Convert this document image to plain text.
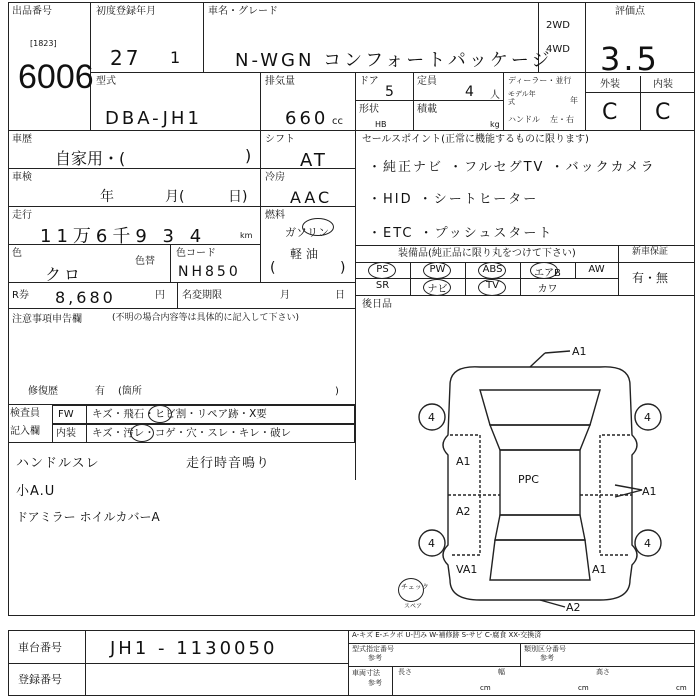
出品番号
[1823]
6006
初度登録年月
27 1
車名・グレード
N-WGN コンフォートパッケージ
2WD
4WD
評価点
3.5
外装	内装
C C
型式
DBA-JH1
排気量
660 cc
ドア
5
定員
4 人
形状
HB
積載
kg
ディーラー・並行
モデル年式	年
ハンドル 左・右
車歴
自家用・(	)
シフト
AT
車検
年	月(	日)
冷房
AAC
走行
11万6千9 3 4	km
燃料
ガソリン
軽 油
(	)
色
クロ
色替
色コード
NH850
R券 8,680	円 名変期限	月	日
注意事項申告欄	(不明の場合内容等は具体的に記入して下さい)
修復歴	有 (箇所	)
検査員
記入欄
FW キズ・飛石・ヒビ割・リペア跡・X要
内装 キズ・汚レ・コゲ・穴・スレ・キレ・破レ
ハンドルスレ	走行時音鳴り
小A.U
ドアミラー ホイルカバーA
セールスポイント(正常に機能するものに限ります)
・純正ナビ ・フルセグTV ・バックカメラ
・HID ・シートヒーター
・ETC ・プッシュスタート
装備品(純正品に限り丸をつけて下さい)	新車保証
有・無
PS	PW	ABS	エアB	AW
SR	ナビ	TV	カワ
後日品
4	4
4	4
A1
PPC
A1
A2
A1
VA1	A1
A2
チェック
スペア
車台番号	JH1 - 1130050
登録番号
A-キズ E-エクボ U-凹み W-補修跡 S-サビ C-腐食 XX-交換済
型式指定番号
参考
類別区分番号
参考
車両寸法
参考
長さ
cm
幅
cm
高さ
cm
